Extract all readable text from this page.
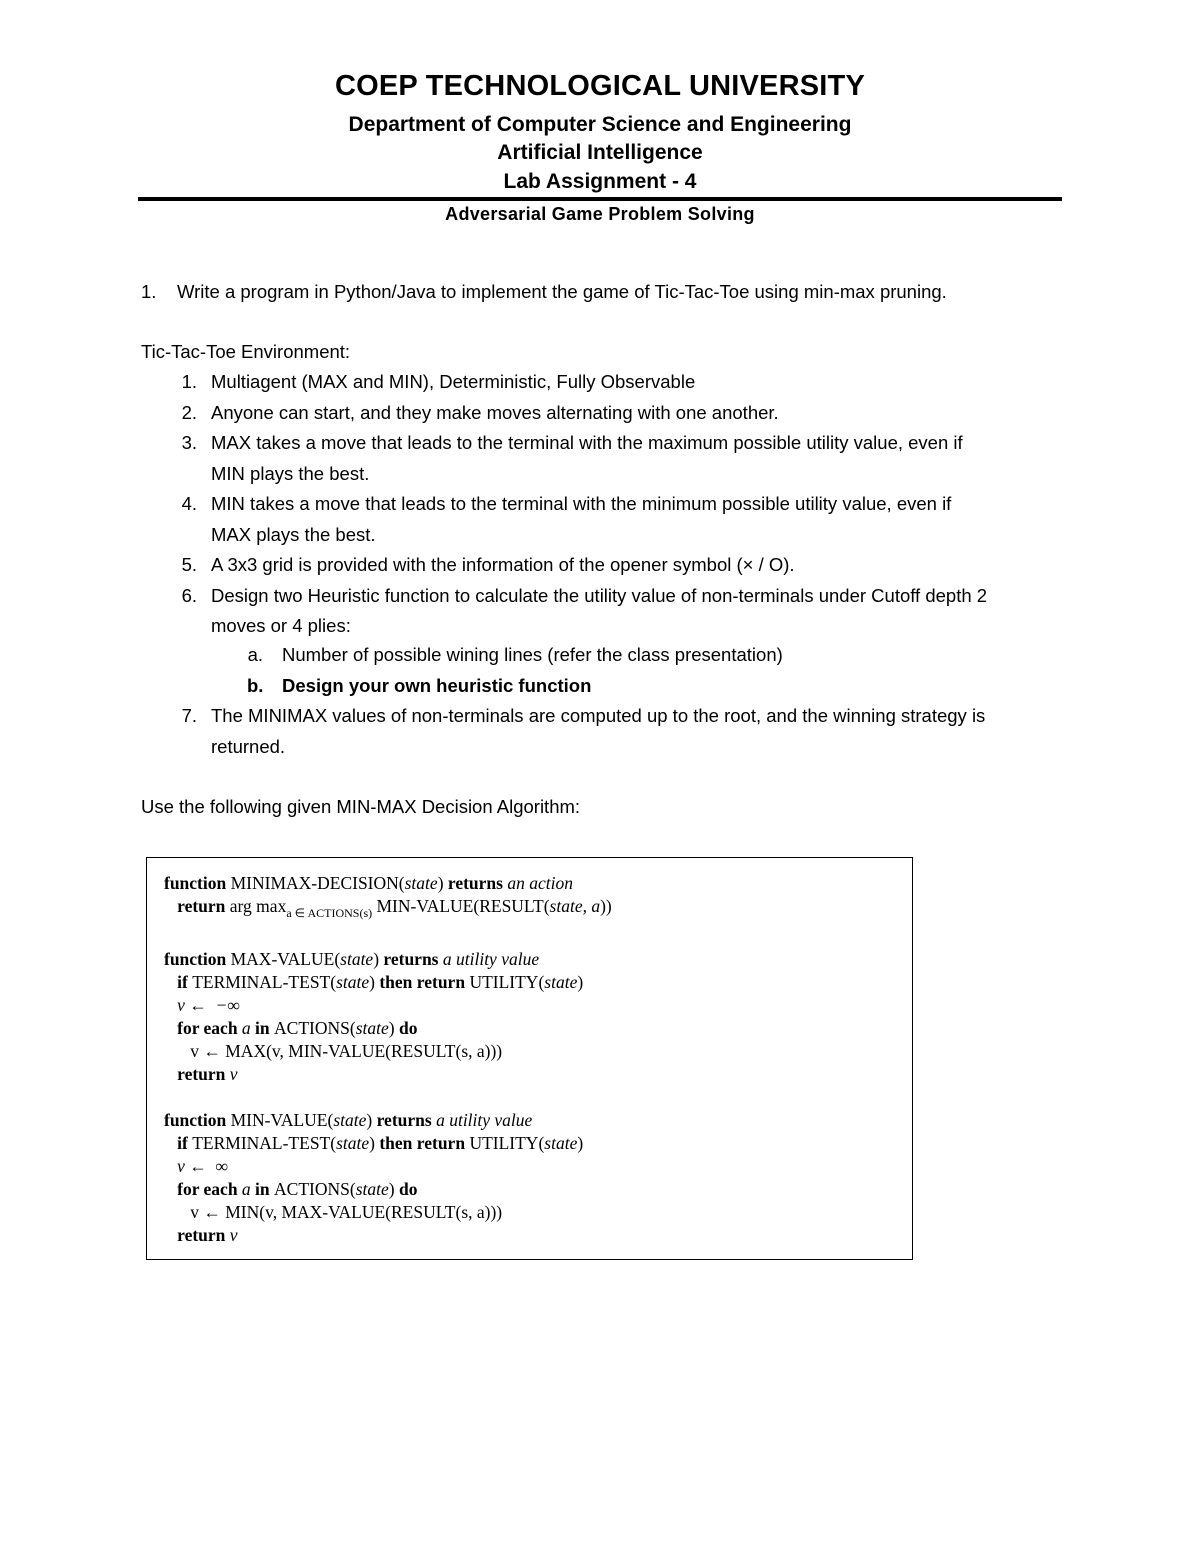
COEP TECHNOLOGICAL UNIVERSITY
Department of Computer Science and Engineering
Artificial Intelligence
Lab Assignment - 4
Adversarial Game Problem Solving
1. Write a program in Python/Java to implement the game of Tic-Tac-Toe using min-max pruning.
Tic-Tac-Toe Environment:
1. Multiagent (MAX and MIN), Deterministic, Fully Observable
2. Anyone can start, and they make moves alternating with one another.
3. MAX takes a move that leads to the terminal with the maximum possible utility value, even if
MIN plays the best.
4. MIN takes a move that leads to the terminal with the minimum possible utility value, even if
MAX plays the best.
5. A 3x3 grid is provided with the information of the opener symbol (× / O).
6. Design two Heuristic function to calculate the utility value of non-terminals under Cutoff depth 2
moves or 4 plies:
a. Number of possible wining lines (refer the class presentation)
b. Design your own heuristic function
7. The MINIMAX values of non-terminals are computed up to the root, and the winning strategy is
returned.
Use the following given MIN-MAX Decision Algorithm:
function MINIMAX-DECISION(state) returns an action
return arg $\max_{a \in ACTIONS(s)}$ MIN-VALUE(RESULT(state, a))

function MAX-VALUE(state) returns a utility value
if TERMINAL-TEST(state) then return UTILITY(state)
v ←  −∞
for each a in ACTIONS(state) do
v ← MAX(v, MIN-VALUE(RESULT(s, a)))
return v

function MIN-VALUE(state) returns a utility value
if TERMINAL-TEST(state) then return UTILITY(state)
v ←  ∞
for each a in ACTIONS(state) do
v ← MIN(v, MAX-VALUE(RESULT(s, a)))
return v
